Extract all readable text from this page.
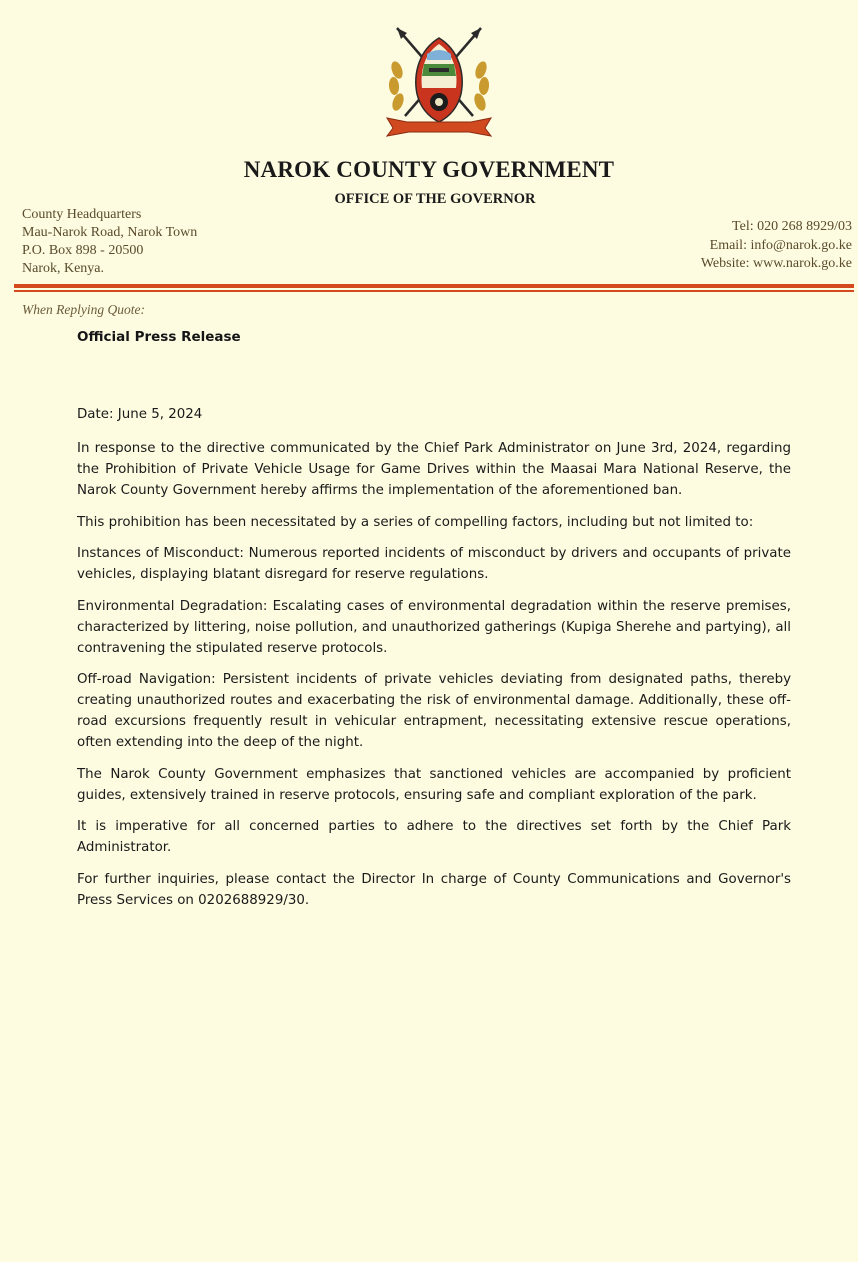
NAROK COUNTY GOVERNMENT
OFFICE OF THE GOVERNOR
County Headquarters
Mau-Narok Road, Narok Town
P.O. Box 898 - 20500
Narok, Kenya.
Tel: 020 268 8929/03
Email: info@narok.go.ke
Website: www.narok.go.ke
When Replying Quote:
Official Press Release

Date: June 5, 2024

In response to the directive communicated by the Chief Park Administrator on June 3rd, 2024, regarding the Prohibition of Private Vehicle Usage for Game Drives within the Maasai Mara National Reserve, the Narok County Government hereby affirms the implementation of the aforementioned ban.

This prohibition has been necessitated by a series of compelling factors, including but not limited to:

Instances of Misconduct: Numerous reported incidents of misconduct by drivers and occupants of private vehicles, displaying blatant disregard for reserve regulations.

Environmental Degradation: Escalating cases of environmental degradation within the reserve premises, characterized by littering, noise pollution, and unauthorized gatherings (Kupiga Sherehe and partying), all contravening the stipulated reserve protocols.

Off-road Navigation: Persistent incidents of private vehicles deviating from designated paths, thereby creating unauthorized routes and exacerbating the risk of environmental damage. Additionally, these off-road excursions frequently result in vehicular entrapment, necessitating extensive rescue operations, often extending into the deep of the night.

The Narok County Government emphasizes that sanctioned vehicles are accompanied by proficient guides, extensively trained in reserve protocols, ensuring safe and compliant exploration of the park.

It is imperative for all concerned parties to adhere to the directives set forth by the Chief Park Administrator.

For further inquiries, please contact the Director In charge of County Communications and Governor's Press Services on 0202688929/30.
